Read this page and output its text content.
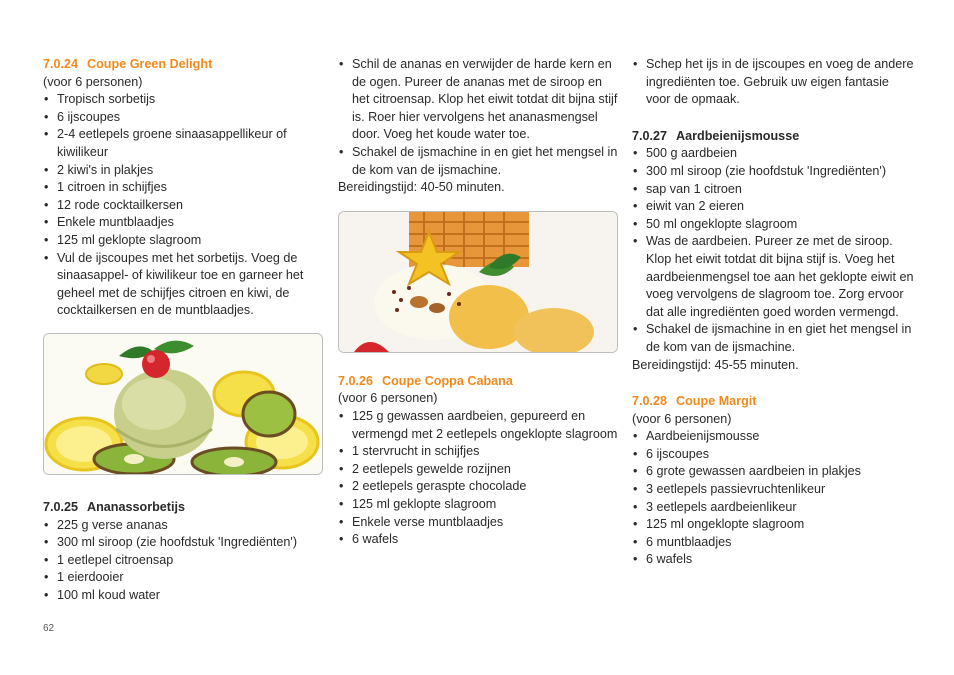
7.0.24 Coupe Green Delight

(voor 6 personen)

• Tropisch sorbetijs
• 6 ijscoupes
• 2-4 eetlepels groene sinaasappellikeur of kiwilikeur
• 2 kiwi's in plakjes
• 1 citroen in schijfjes
• 12 rode cocktailkersen
• Enkele muntblaadjes
• 125 ml geklopte slagroom
• Vul de ijscoupes met het sorbetijs. Voeg de sinaasappel- of kiwilikeur toe en garneer het geheel met de schijfjes citroen en kiwi, de cocktailkersen en de muntblaadjes.

7.0.25 Ananassorbetijs

• 225 g verse ananas
• 300 ml siroop (zie hoofdstuk 'Ingrediënten')
• 1 eetlepel citroensap
• 1 eierdooier
• 100 ml koud water
• Schil de ananas en verwijder de harde kern en de ogen. Pureer de ananas met de siroop en het citroensap. Klop het eiwit totdat dit bijna stijf is. Roer hier vervolgens het ananasmengsel door. Voeg het koude water toe.
• Schakel de ijsmachine in en giet het mengsel in de kom van de ijsmachine.

Bereidingstijd: 40-50 minuten.

7.0.26 Coupe Coppa Cabana

(voor 6 personen)

• 125 g gewassen aardbeien, gepureerd en vermengd met 2 eetlepels ongeklopte slagroom
• 1 stervrucht in schijfjes
• 2 eetlepels gewelde rozijnen
• 2 eetlepels geraspte chocolade
• 125 ml geklopte slagroom
• Enkele verse muntblaadjes
• 6 wafels
• Schep het ijs in de ijscoupes en voeg de andere ingrediënten toe. Gebruik uw eigen fantasie voor de opmaak.

7.0.27 Aardbeienijsmousse

• 500 g aardbeien
• 300 ml siroop (zie hoofdstuk 'Ingrediënten')
• sap van 1 citroen
• eiwit van 2 eieren
• 50 ml ongeklopte slagroom
• Was de aardbeien. Pureer ze met de siroop. Klop het eiwit totdat dit bijna stijf is. Voeg het aardbeienmengsel toe aan het geklopte eiwit en voeg vervolgens de slagroom toe. Zorg ervoor dat alle ingrediënten goed worden vermengd.
• Schakel de ijsmachine in en giet het mengsel in de kom van de ijsmachine.

Bereidingstijd: 45-55 minuten.

7.0.28 Coupe Margit

(voor 6 personen)

• Aardbeienijsmousse
• 6 ijscoupes
• 6 grote gewassen aardbeien in plakjes
• 3 eetlepels passievruchtenlikeur
• 3 eetlepels aardbeienlikeur
• 125 ml ongeklopte slagroom
• 6 muntblaadjes
• 6 wafels
62
